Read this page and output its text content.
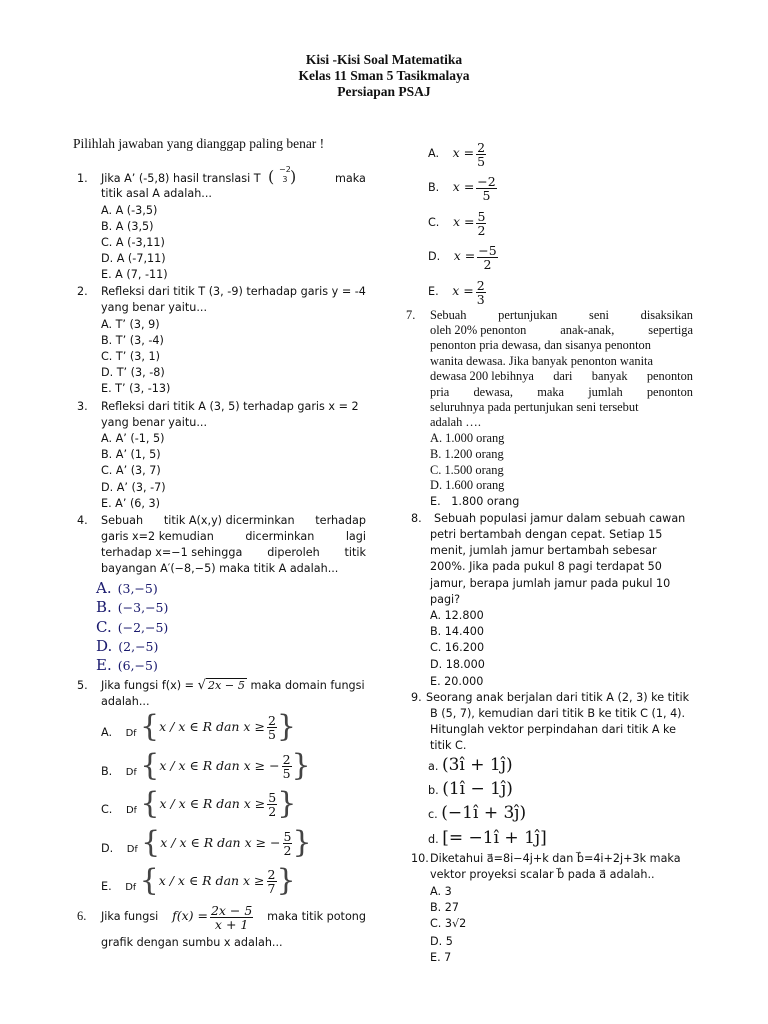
Kisi -Kisi Soal Matematika
Kelas 11 Sman 5 Tasikmalaya
Persiapan PSAJ
Pilihlah jawaban yang dianggap paling benar !
1. Jika A’ (-5,8) hasil translasi T ( −2
3 )	maka
titik asal A adalah...
A. A (-3,5)
B. A (3,5)
C. A (-3,11)
D. A (-7,11)
E. A (7, -11)
2. Refleksi dari titik T (3, -9) terhadap garis y = -4
yang benar yaitu...
A. T’ (3, 9)
B. T’ (3, -4)
C. T’ (3, 1)
D. T’ (3, -8)
E. T’ (3, -13)
3. Refleksi dari titik A (3, 5) terhadap garis x = 2
yang benar yaitu...
A. A’ (-1, 5)
B. A’ (1, 5)
C. A’ (3, 7)
D. A’ (3, -7)
E. A’ (6, 3)
4. Sebuah titik A(x,y) dicerminkan terhadap
garis x=2 kemudian	dicerminkan	lagi
terhadap x=−1 sehingga diperoleh titik
bayangan A′(−8,−5) maka titik A adalah...
A. (3,−5)
B. (−3,−5)
C. (−2,−5)
D. (2,−5)
E. (6,−5)
5. Jika fungsi f(x) = √ 2x − 5 maka domain fungsi
adalah...
A. Df { x / x ∈ R dan $x \ge \frac{2}{5}$ }
B. Df { x / x ∈ R dan x ≥ − $\frac{2}{5}$ }
C. Df { x / x ∈ R dan $x \ge \frac{5}{2}$ }
D. Df { x / x ∈ R dan x ≥ − $\frac{5}{2}$ }
E. Df { x / x ∈ R dan $x \ge \frac{2}{7}$ }
6. Jika fungsi $f(x) = \frac{2x - 5}{x + 1}$ maka titik potong
grafik dengan sumbu x adalah...
A. $x = \frac{2}{5}$
B. $x = \frac{-2}{5}$
C. $x = \frac{5}{2}$
D. $x = \frac{-5}{2}$
E. $x = \frac{2}{3}$
7. Sebuah	pertunjukan	seni	disaksikan
oleh 20% penonton	anak-anak,	sepertiga
penonton pria dewasa, dan sisanya penonton
wanita dewasa. Jika banyak penonton wanita
dewasa 200 lebihnya dari banyak penonton
pria dewasa, maka jumlah penonton
seluruhnya pada pertunjukan seni tersebut
adalah ….
A. 1.000 orang
B. 1.200 orang
C. 1.500 orang
D. 1.600 orang
E.   1.800 orang
8. Sebuah populasi jamur dalam sebuah cawan
petri bertambah dengan cepat. Setiap 15
menit, jumlah jamur bertambah sebesar
200%. Jika pada pukul 8 pagi terdapat 50
jamur, berapa jumlah jamur pada pukul 10
pagi?
A. 12.800
B. 14.400
C. 16.200
D. 18.000
E. 20.000
9. Seorang anak berjalan dari titik A (2, 3) ke titik
B (5, 7), kemudian dari titik B ke titik C (1, 4).
Hitunglah vektor perpindahan dari titik A ke
titik C.
a. (3î + 1ĵ)
b. (1î − 1ĵ)
c. (−1î + 3ĵ)
d. [= −1î + 1ĵ]
10. Diketahui a⃗=8i−4j+k dan b⃗=4i+2j+3k maka
vektor proyeksi scalar b⃗ pada a⃗ adalah..
A. 3
B. 27
C. 3√2
D. 5
E. 7
